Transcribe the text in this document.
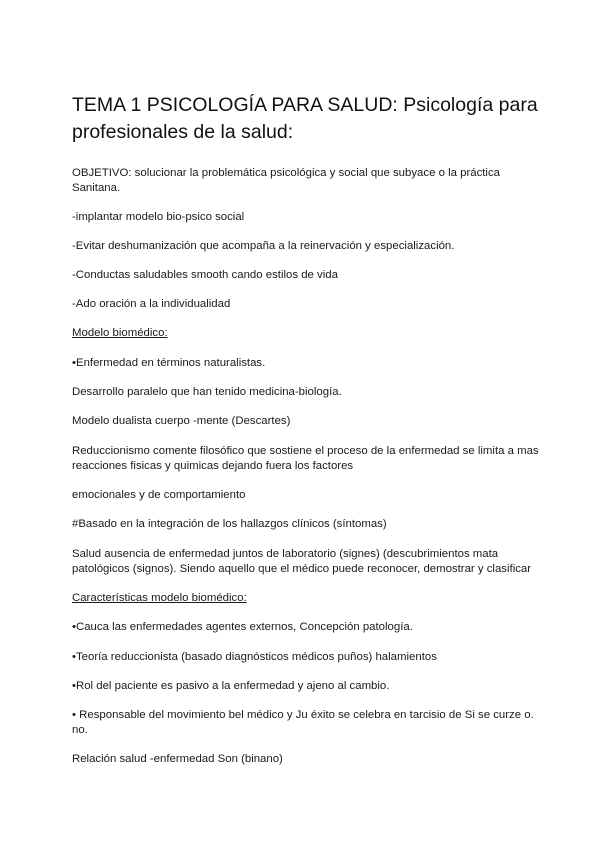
TEMA 1 PSICOLOGÍA PARA SALUD: Psicología para profesionales de la salud:

OBJETIVO: solucionar la problemática psicológica y social que subyace o la práctica Sanitana.

-implantar modelo bio-psico social

-Evitar deshumanización que acompaña a la reinervación y especialización.

-Conductas saludables smooth cando estilos de vida

-Ado oración a la individualidad

Modelo biomédico:

•Enfermedad en términos naturalistas.

Desarrollo paralelo que han tenido medicina-biología.

Modelo dualista cuerpo -mente (Descartes)

Reduccionismo comente filosófico que sostiene el proceso de la enfermedad se limita a mas reacciones fisicas y quimicas dejando fuera los factores

emocionales y de comportamiento

#Basado en la integración de los hallazgos clínicos (síntomas)

Salud ausencia de enfermedad juntos de laboratorio (signes) (descubrimientos mata patológicos (signos). Siendo aquello que el médico puede reconocer, demostrar y clasificar

Características modelo biomédico:

•Cauca las enfermedades agentes externos, Concepción patología.

•Teoría reduccionista (basado diagnósticos médicos puños) halamientos

•Rol del paciente es pasivo a la enfermedad y ajeno al cambio.

• Responsable del movimiento bel médico y Ju éxito se celebra en tarcisio de Si se curze o. no.

Relación salud -enfermedad Son (binano)
